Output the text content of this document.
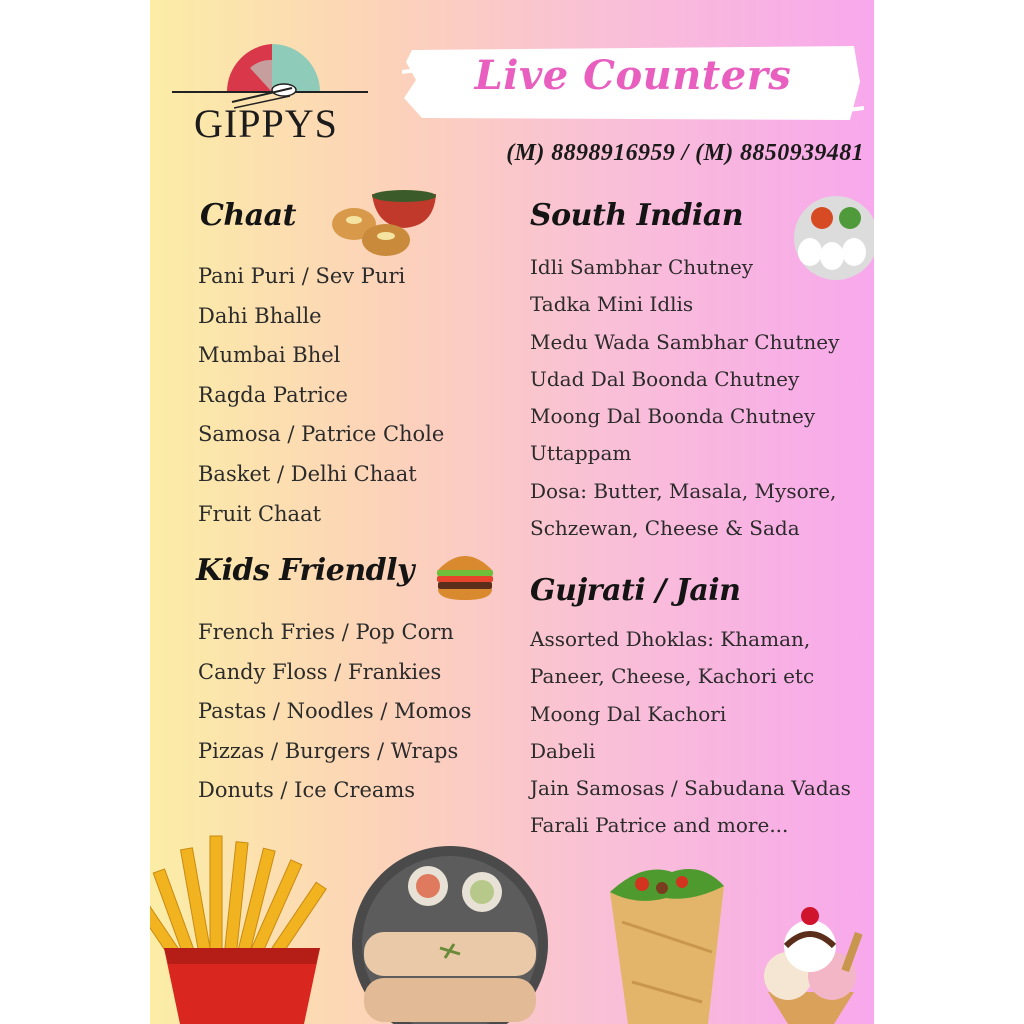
GIPPYS
Live Counters
(M) 8898916959 / (M) 8850939481
Chaat
Pani Puri / Sev Puri
Dahi Bhalle
Mumbai Bhel
Ragda Patrice
Samosa / Patrice Chole
Basket / Delhi Chaat
Fruit Chaat
Kids Friendly
French Fries / Pop Corn
Candy Floss / Frankies
Pastas / Noodles / Momos
Pizzas / Burgers / Wraps
Donuts / Ice Creams
South Indian
Idli Sambhar Chutney
Tadka Mini Idlis
Medu Wada Sambhar Chutney
Udad Dal Boonda Chutney
Moong Dal Boonda Chutney
Uttappam
Dosa: Butter, Masala, Mysore,
Schzewan, Cheese & Sada
Gujrati / Jain
Assorted Dhoklas: Khaman,
Paneer, Cheese, Kachori etc
Moong Dal Kachori
Dabeli
Jain Samosas / Sabudana Vadas
Farali Patrice and more...
